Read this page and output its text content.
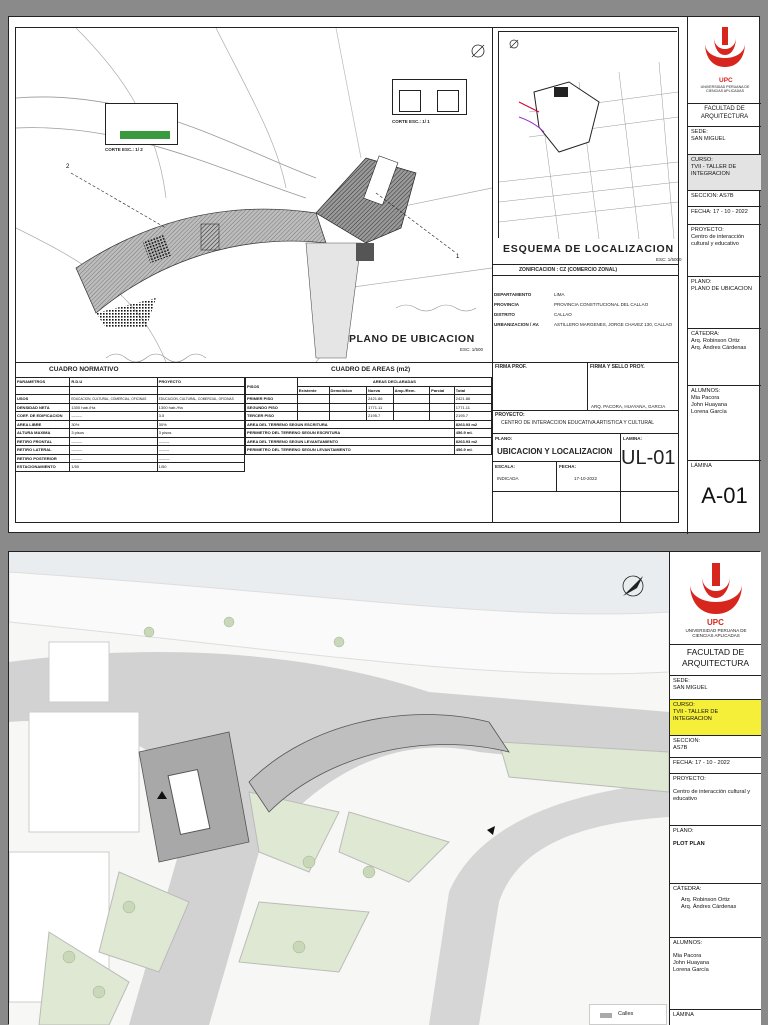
2
1
CORTE ESC.: 1/ 2
CORTE ESC.: 1/ 1
PLANO DE UBICACION
ESC: 1/500
ESQUEMA DE LOCALIZACION
ESC: 1/5000
ZONIFICACION : CZ (COMERCIO ZONAL)
DEPARTAMENTO	LIMA
PROVINCIA	PROVINCIA CONSTITUCIONAL DEL CALLAO
DISTRITO	CALLAO
URBANIZACION / AV.	ASTILLERO MARGENES, JORGE CHAVEZ 130, CALLAO
CUADRO NORMATIVO	CUADRO DE AREAS (m2)
PARAMETROS	R.D.U	PROYECTO

USOS	EDUCACION, CULTURAL, COMERCIAL, OFICINAS	EDUCACION, CULTURAL, COMERCIAL, OFICINAS
DENSIDAD NETA	1300 hab./Ha	1300 hab./Ha
COEF. DE EDIFICACION	--------	3.5
AREA LIBRE	30%	30%
ALTURA MAXIMA	3 pisos	3 pisos
RETIRO FRONTAL	--------	--------
RETIRO LATERAL	--------	--------
RETIRO POSTERIOR	--------	--------
ESTACIONAMIENTO	1/50	1/50
PISOS	AREAS DECLARADAS					
	Existente	Demolicion	Nueva	Amp./Rem.	Parcial	Total
PRIMER PISO			2421.86			2421.86
SEGUNDO PISO			1771.11			1771.11
TERCER PISO			2195.7			2195.7
AREA DEL TERRENO SEGUN ESCRITURA						8263.93 m2
PERIMETRO DEL TERRENO SEGUN ESCRITURA						456.9 ml.
AREA DEL TERRENO SEGUN LEVANTAMIENTO						8263.93 m2
PERIMETRO DEL TERRENO SEGUN LEVANTAMIENTO						456.9 ml.
FIRMA PROF.	FIRMA Y SELLO PROY.
ARQ. PACORA, HUAYANA, GARCIA
PROYECTO:
CENTRO DE INTERACCION EDUCATIVA ARTISTICA Y CULTURAL
PLANO:
UBICACION Y LOCALIZACION
LAMINA:
UL-01
ESCALA:
INDICADA
FECHA:
17-10-2022
UPC
UNIVERSIDAD PERUANA DE CIENCIAS APLICADAS
FACULTAD DE ARQUITECTURA
SEDE:
SAN MIGUEL
CURSO:
TVII - TALLER DE INTEGRACION
SECCION: AS7B
FECHA: 17 - 10 - 2022
PROYECTO:
Centro de interacción cultural y educativo
PLANO:
PLANO DE UBICACION
CÁTEDRA:
Arq. Robinson Ortiz
Arq. Ándres Cárdenas
ALUMNOS:
Mia Pacora
John Huayana
Lorena García
LÁMINA
A-01
Calles
UPC
UNIVERSIDAD PERUANA DE CIENCIAS APLICADAS
FACULTAD DE ARQUITECTURA
SEDE:
SAN MIGUEL
CURSO:
TVII - TALLER DE INTEGRACION
SECCION:
AS7B
FECHA: 17 - 10 - 2022
PROYECTO:
Centro de interacción cultural y educativo
PLANO:
PLOT PLAN
CÁTEDRA:
Arq. Robinson Ortiz
Arq. Ándres Cárdenas
ALUMNOS:
Mia Pacora
John Huayana
Lorena García
LÁMINA
